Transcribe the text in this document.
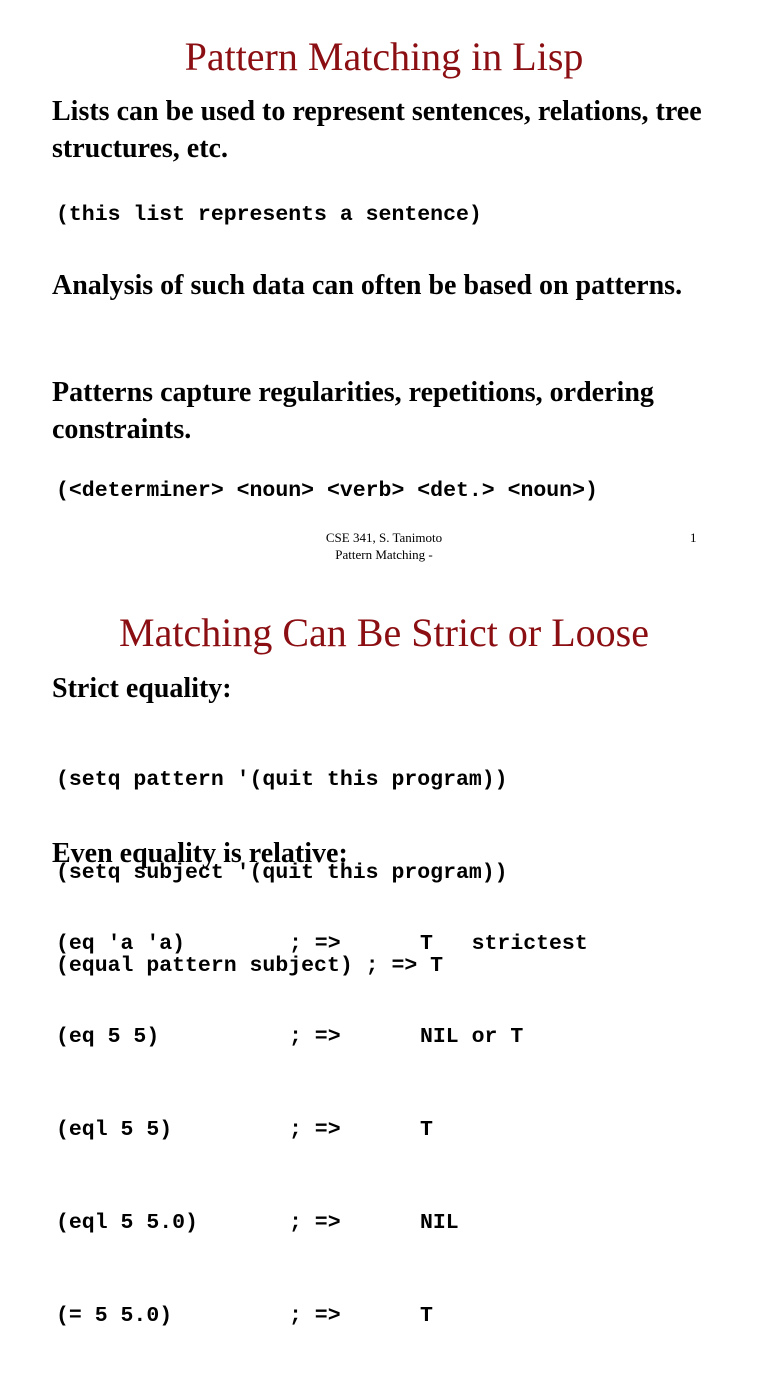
Pattern Matching in Lisp

Lists can be used to represent sentences, relations, tree structures, etc.

(this list represents a sentence)

Analysis of such data can often be based on patterns.

Patterns capture regularities, repetitions, ordering constraints.

(<determiner> <noun> <verb> <det.> <noun>)

CSE 341, S. Tanimoto
Pattern Matching -
1
Matching Can Be Strict or Loose

Strict equality:

(setq pattern '(quit this program))

(setq subject '(quit this program))

(equal pattern subject) ; => T

Even equality is relative:

(eq 'a 'a)	; =>	T   strictest

(eq 5 5)	; =>	NIL or T

(eql 5 5)	; =>	T

(eql 5 5.0)	; =>	NIL

(= 5 5.0)	; =>	T
